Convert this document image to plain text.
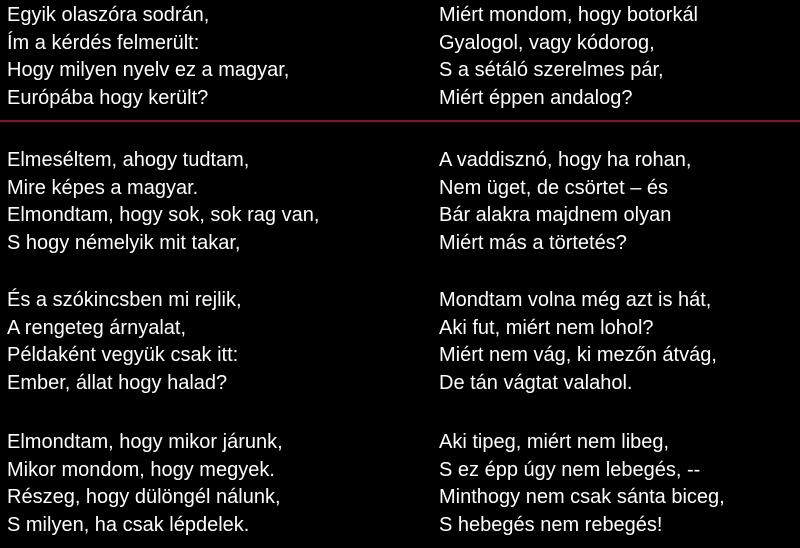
Egyik olaszóra sodrán,
Ím a kérdés felmerült:
Hogy milyen nyelv ez a magyar,
Európába hogy került?
Elmeséltem, ahogy tudtam,
Mire képes a magyar.
Elmondtam, hogy sok, sok rag van,
S hogy némelyik mit takar,
És a szókincsben mi rejlik,
A rengeteg árnyalat,
Példaként vegyük csak itt:
Ember, állat hogy halad?
Elmondtam, hogy mikor járunk,
Mikor mondom, hogy megyek.
Részeg, hogy dülöngél nálunk,
S milyen, ha csak lépdelek.
Miért mondom, hogy botorkál
Gyalogol, vagy kódorog,
S a sétáló szerelmes pár,
Miért éppen andalog?
A vaddisznó, hogy ha rohan,
Nem üget, de csörtet – és
Bár alakra majdnem olyan
Miért más a törtetés?
Mondtam volna még azt is hát,
Aki fut, miért nem lohol?
Miért nem vág, ki mezőn átvág,
De tán vágtat valahol.
Aki tipeg, miért nem libeg,
S ez épp úgy nem lebegés, --
Minthogy nem csak sánta biceg,
S hebegés nem rebegés!
